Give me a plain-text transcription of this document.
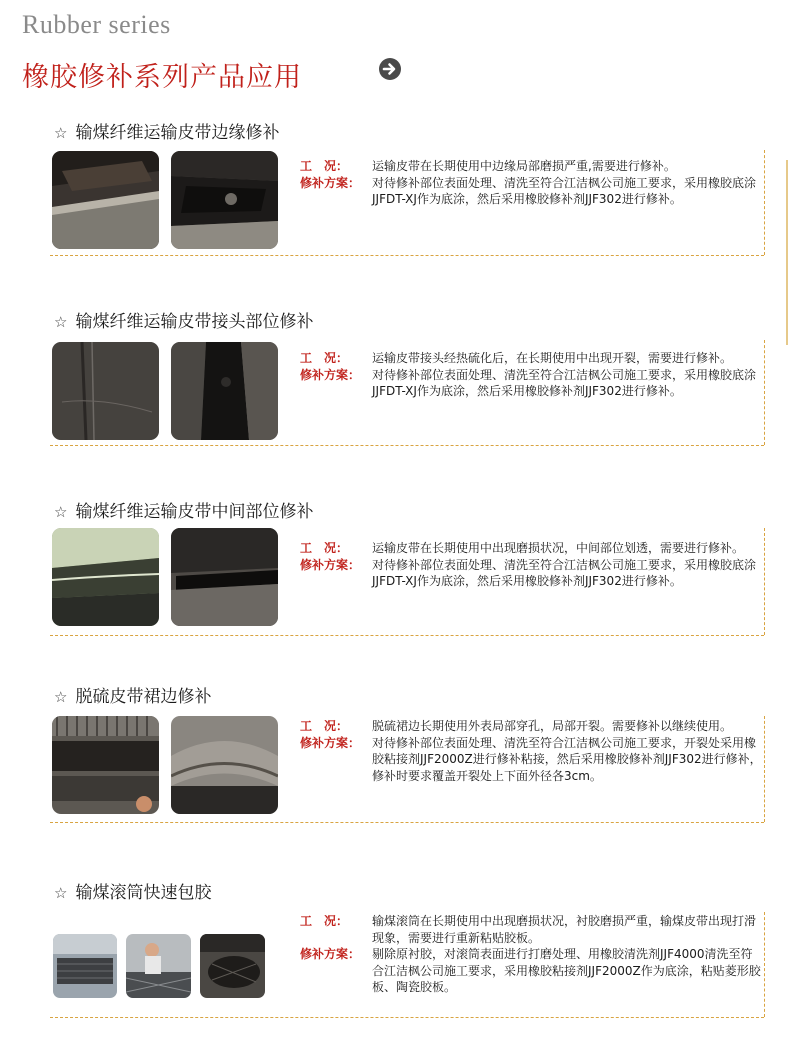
Rubber series
橡胶修补系列产品应用
☆ 输煤纤维运输皮带边缘修补
工　况：	运输皮带在长期使用中边缘局部磨损严重,需要进行修补。
修补方案： 对待修补部位表面处理、清洗至符合江洁枫公司施工要求，采用橡胶底涂JJFDT-XJ作为底涂，然后采用橡胶修补剂JJF302进行修补。
☆ 输煤纤维运输皮带接头部位修补
工　况：	运输皮带接头经热硫化后，在长期使用中出现开裂，需要进行修补。
修补方案： 对待修补部位表面处理、清洗至符合江洁枫公司施工要求，采用橡胶底涂JJFDT-XJ作为底涂，然后采用橡胶修补剂JJF302进行修补。
☆ 输煤纤维运输皮带中间部位修补
工　况：	运输皮带在长期使用中出现磨损状况，中间部位划透，需要进行修补。
修补方案： 对待修补部位表面处理、清洗至符合江洁枫公司施工要求，采用橡胶底涂JJFDT-XJ作为底涂，然后采用橡胶修补剂JJF302进行修补。
☆ 脱硫皮带裙边修补
工　况：	脱硫裙边长期使用外表局部穿孔，局部开裂。需要修补以继续使用。
修补方案： 对待修补部位表面处理、清洗至符合江洁枫公司施工要求，开裂处采用橡胶粘接剂JJF2000Z进行修补粘接，然后采用橡胶修补剂JJF302进行修补，修补时要求覆盖开裂处上下面外径各3cm。
☆ 输煤滚筒快速包胶
工　况：	输煤滚筒在长期使用中出现磨损状况，衬胶磨损严重，输煤皮带出现打滑现象，需要进行重新粘贴胶板。
修补方案： 剔除原衬胶，对滚筒表面进行打磨处理、用橡胶清洗剂JJF4000清洗至符合江洁枫公司施工要求，采用橡胶粘接剂JJF2000Z作为底涂，粘贴菱形胶板、陶瓷胶板。
